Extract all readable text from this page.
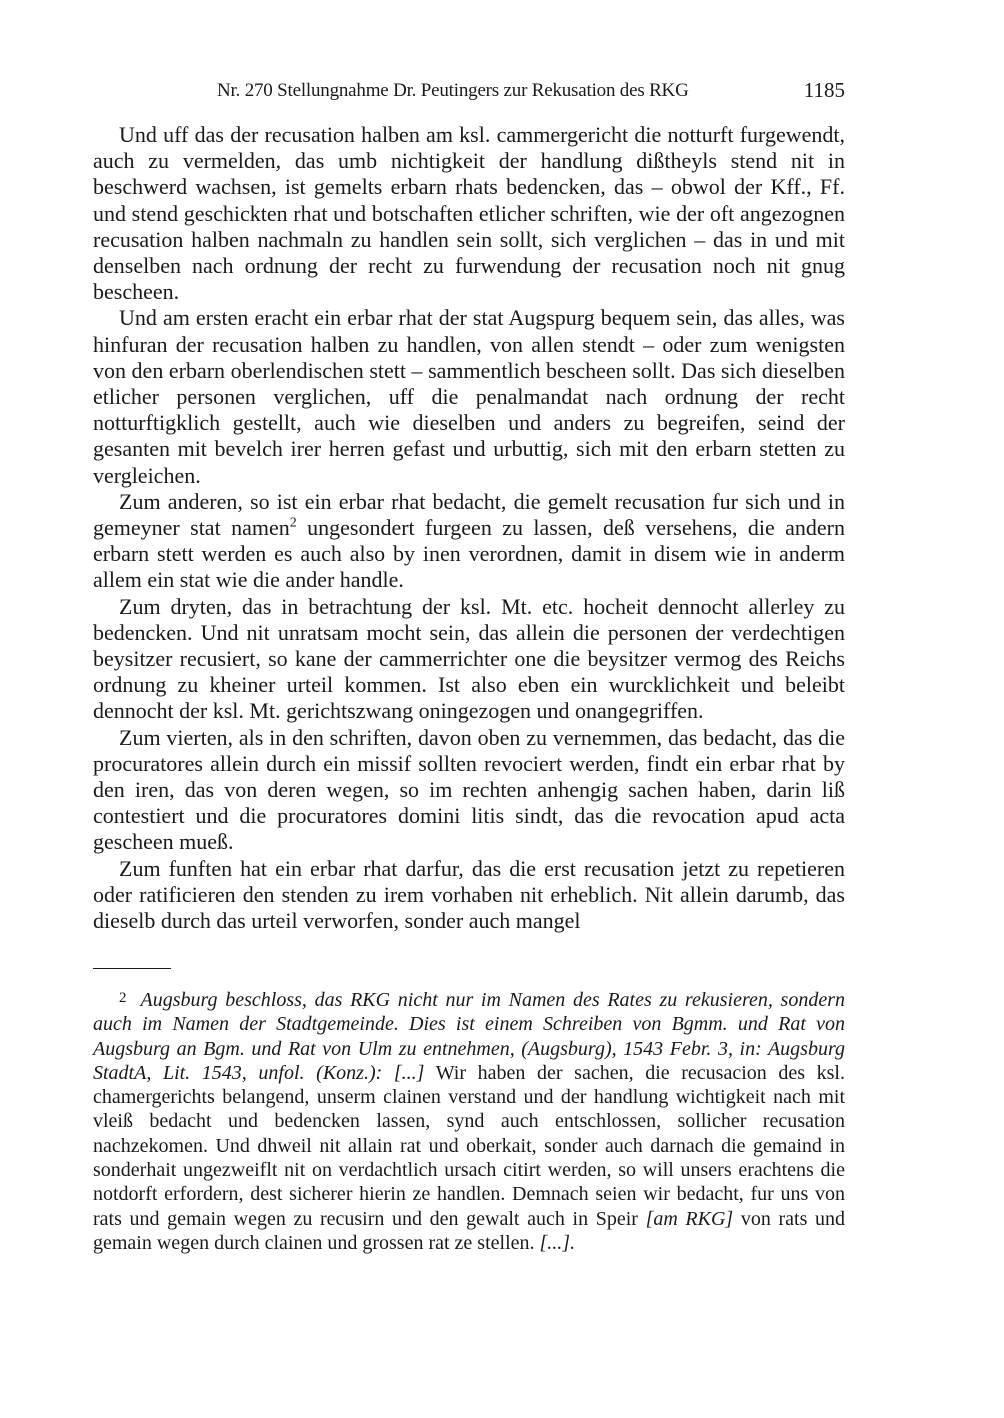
Nr. 270 Stellungnahme Dr. Peutingers zur Rekusation des RKG	1185

Und uff das der recusation halben am ksl. cammergericht die notturft furgewendt, auch zu vermelden, das umb nichtigkeit der handlung dißtheyls stend nit in beschwerd wachsen, ist gemelts erbarn rhats bedencken, das – obwol der Kff., Ff. und stend geschickten rhat und botschaften etlicher schriften, wie der oft angezognen recusation halben nachmaln zu handlen sein sollt, sich verglichen – das in und mit denselben nach ordnung der recht zu furwendung der recusation noch nit gnug bescheen.

Und am ersten eracht ein erbar rhat der stat Augspurg bequem sein, das alles, was hinfuran der recusation halben zu handlen, von allen stendt – oder zum wenigsten von den erbarn oberlendischen stett – sammentlich bescheen sollt. Das sich dieselben etlicher personen verglichen, uff die penalmandat nach ordnung der recht notturftigklich gestellt, auch wie dieselben und anders zu begreifen, seind der gesanten mit bevelch irer herren gefast und urbuttig, sich mit den erbarn stetten zu vergleichen.

Zum anderen, so ist ein erbar rhat bedacht, die gemelt recusation fur sich und in gemeyner stat namen$^2$ ungesondert furgeen zu lassen, deß versehens, die andern erbarn stett werden es auch also by inen verordnen, damit in disem wie in anderm allem ein stat wie die ander handle.

Zum dryten, das in betrachtung der ksl. Mt. etc. hocheit dennocht allerley zu bedencken. Und nit unratsam mocht sein, das allein die personen der verdechtigen beysitzer recusiert, so kane der cammerrichter one die beysitzer vermog des Reichs ordnung zu kheiner urteil kommen. Ist also eben ein wurcklichkeit und beleibt dennocht der ksl. Mt. gerichtszwang oningezogen und onangegriffen.

Zum vierten, als in den schriften, davon oben zu vernemmen, das bedacht, das die procuratores allein durch ein missif sollten revociert werden, findt ein erbar rhat by den iren, das von deren wegen, so im rechten anhengig sachen haben, darin liß contestiert und die procuratores domini litis sindt, das die revocation apud acta gescheen mueß.

Zum funften hat ein erbar rhat darfur, das die erst recusation jetzt zu repetieren oder ratificieren den stenden zu irem vorhaben nit erheblich. Nit allein darumb, das dieselb durch das urteil verworfen, sonder auch mangel

$^2$ Augsburg beschloss, das RKG nicht nur im Namen des Rates zu rekusieren, sondern auch im Namen der Stadtgemeinde. Dies ist einem Schreiben von Bgmm. und Rat von Augsburg an Bgm. und Rat von Ulm zu entnehmen, (Augsburg), 1543 Febr. 3, in: Augsburg StadtA, Lit. 1543, unfol. (Konz.): [...] Wir haben der sachen, die recusacion des ksl. chamergerichts belangend, unserm clainen verstand und der handlung wichtigkeit nach mit vleiß bedacht und bedencken lassen, synd auch entschlossen, sollicher recusation nachzekomen. Und dhweil nit allain rat und oberkait, sonder auch darnach die gemaind in sonderhait ungezweiflt nit on verdachtlich ursach citirt werden, so will unsers erachtens die notdorft erfordern, dest sicherer hierin ze handlen. Demnach seien wir bedacht, fur uns von rats und gemain wegen zu recusirn und den gewalt auch in Speir [am RKG] von rats und gemain wegen durch clainen und grossen rat ze stellen. [...].
